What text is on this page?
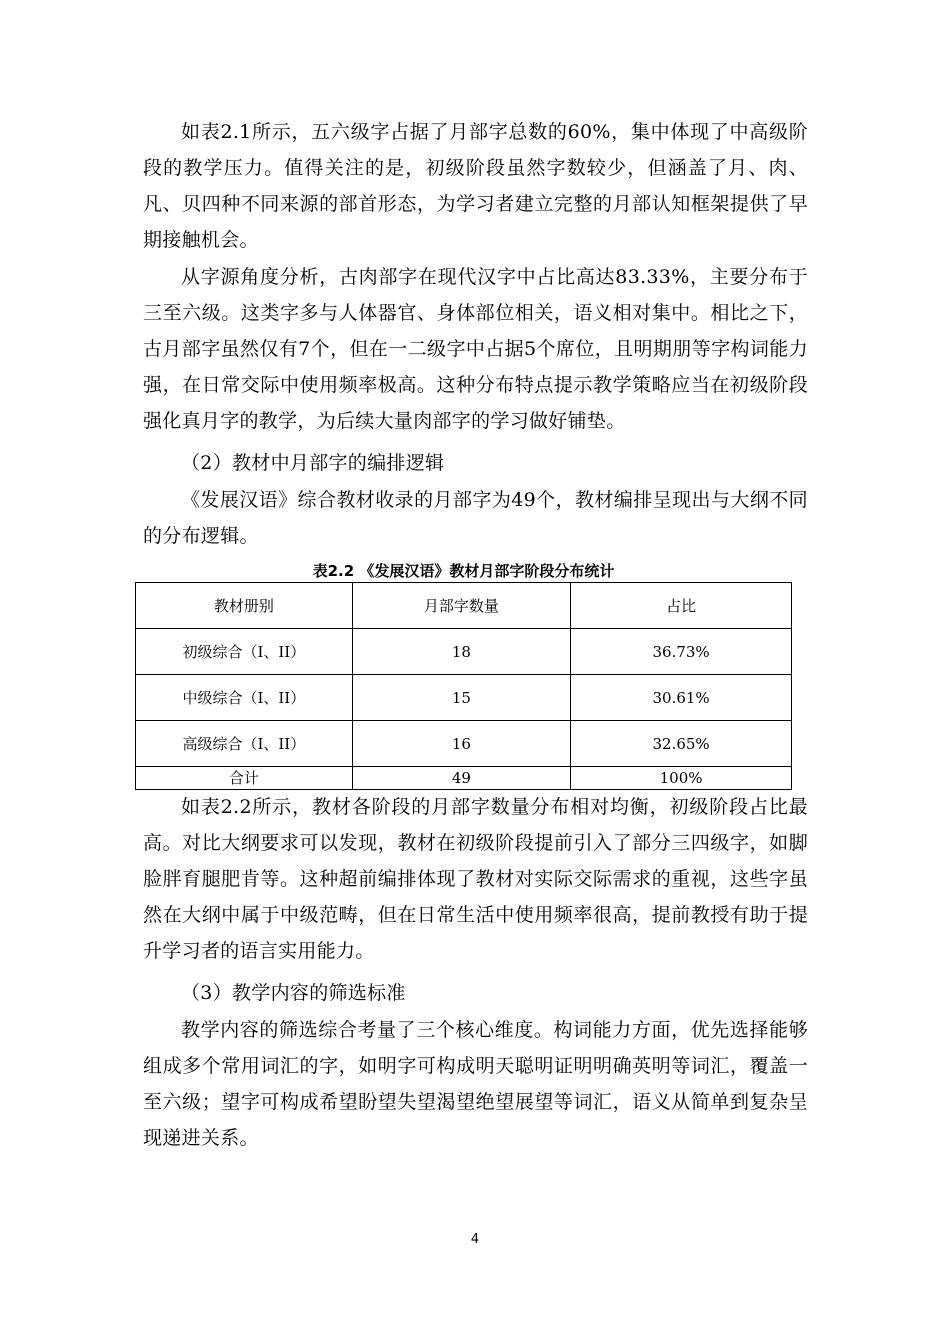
如表2.1所示，五六级字占据了月部字总数的60%，集中体现了中高级阶段的教学压力。值得关注的是，初级阶段虽然字数较少，但涵盖了月、肉、凡、贝四种不同来源的部首形态，为学习者建立完整的月部认知框架提供了早期接触机会。

从字源角度分析，古肉部字在现代汉字中占比高达83.33%，主要分布于三至六级。这类字多与人体器官、身体部位相关，语义相对集中。相比之下，古月部字虽然仅有7个，但在一二级字中占据5个席位，且明期朋等字构词能力强，在日常交际中使用频率极高。这种分布特点提示教学策略应当在初级阶段强化真月字的教学，为后续大量肉部字的学习做好铺垫。

（2）教材中月部字的编排逻辑

《发展汉语》综合教材收录的月部字为49个，教材编排呈现出与大纲不同的分布逻辑。

表2.2 《发展汉语》教材月部字阶段分布统计

教材册别	月部字数量	占比
初级综合（I、II）	18	36.73%
中级综合（I、II）	15	30.61%
高级综合（I、II）	16	32.65%
合计	49	100%

如表2.2所示，教材各阶段的月部字数量分布相对均衡，初级阶段占比最高。对比大纲要求可以发现，教材在初级阶段提前引入了部分三四级字，如脚脸胖育腿肥肯等。这种超前编排体现了教材对实际交际需求的重视，这些字虽然在大纲中属于中级范畴，但在日常生活中使用频率很高，提前教授有助于提升学习者的语言实用能力。

（3）教学内容的筛选标准

教学内容的筛选综合考量了三个核心维度。构词能力方面，优先选择能够组成多个常用词汇的字，如明字可构成明天聪明证明明确英明等词汇，覆盖一至六级；望字可构成希望盼望失望渴望绝望展望等词汇，语义从简单到复杂呈现递进关系。

4
